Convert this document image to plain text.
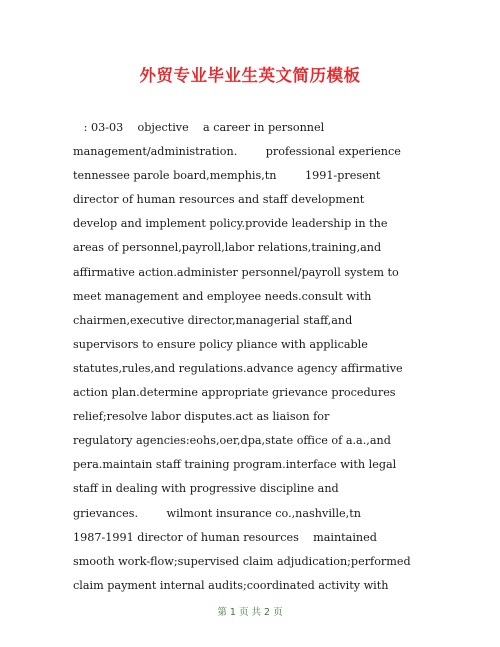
外贸专业毕业生英文简历模板
: 03-03    objective    a career in personnel
management/administration.        professional experience
tennessee parole board,memphis,tn        1991-present
director of human resources and staff development
develop and implement policy.provide leadership in the
areas of personnel,payroll,labor relations,training,and
affirmative action.administer personnel/payroll system to
meet management and employee needs.consult with
chairmen,executive director,managerial staff,and
supervisors to ensure policy pliance with applicable
statutes,rules,and regulations.advance agency affirmative
action plan.determine appropriate grievance procedures
relief;resolve labor disputes.act as liaison for
regulatory agencies:eohs,oer,dpa,state office of a.a.,and
pera.maintain staff training program.interface with legal
staff in dealing with progressive discipline and
grievances.        wilmont insurance co.,nashville,tn
1987-1991 director of human resources    maintained
smooth work-flow;supervised claim adjudication;performed
claim payment internal audits;coordinated activity with
第 1 页 共 2 页
